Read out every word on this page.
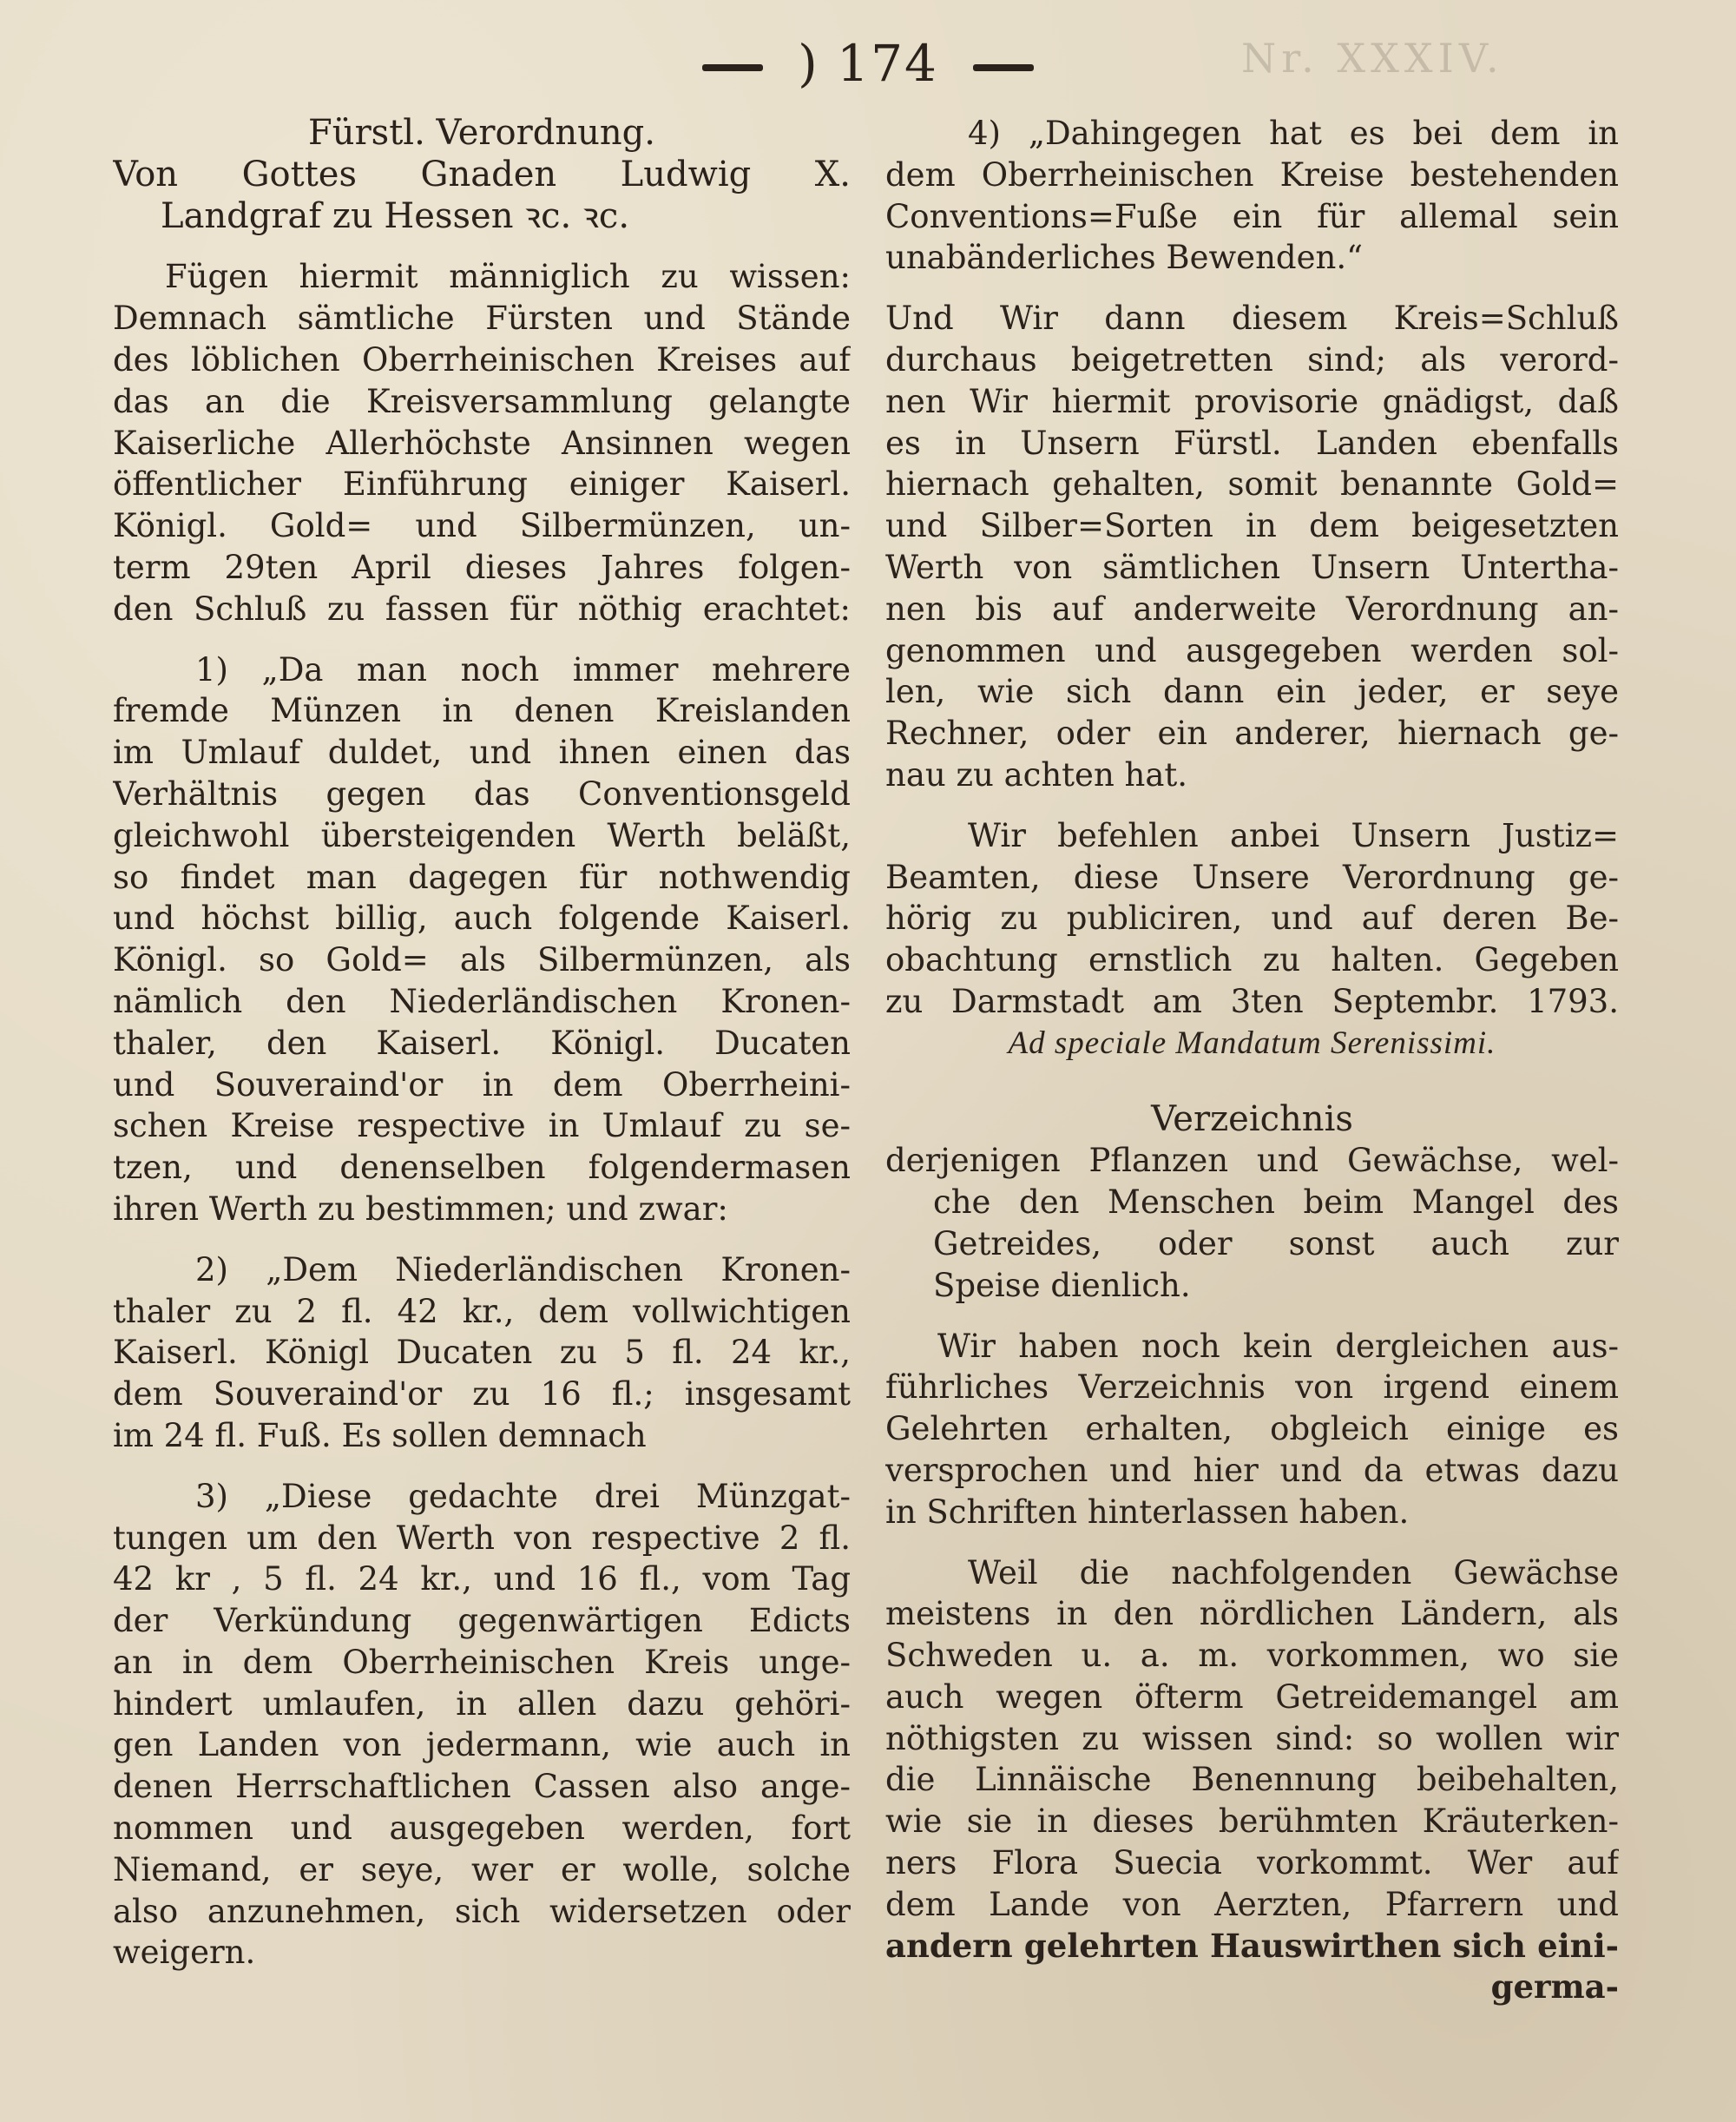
) 174	Nr. XXXIV.
Fürstl. Verordnung.
Von Gottes Gnaden Ludwig X.
Landgraf zu Hessen ꝛc. ꝛc.
Fügen hiermit männiglich zu wissen:
Demnach sämtliche Fürsten und Stände
des löblichen Oberrheinischen Kreises auf
das an die Kreisversammlung gelangte
Kaiserliche Allerhöchste Ansinnen wegen
öffentlicher Einführung einiger Kaiserl.
Königl. Gold= und Silbermünzen, un-
term 29ten April dieses Jahres folgen-
den Schluß zu fassen für nöthig erachtet:
1) „Da man noch immer mehrere
fremde Münzen in denen Kreislanden
im Umlauf duldet, und ihnen einen das
Verhältnis gegen das Conventionsgeld
gleichwohl übersteigenden Werth beläßt,
so findet man dagegen für nothwendig
und höchst billig, auch folgende Kaiserl.
Königl. so Gold= als Silbermünzen, als
nämlich den Niederländischen Kronen-
thaler, den Kaiserl. Königl. Ducaten
und Souveraind'or in dem Oberrheini-
schen Kreise respective in Umlauf zu se-
tzen, und denenselben folgendermasen
ihren Werth zu bestimmen; und zwar:
2) „Dem Niederländischen Kronen-
thaler zu 2 fl. 42 kr., dem vollwichtigen
Kaiserl. Königl Ducaten zu 5 fl. 24 kr.,
dem Souveraind'or zu 16 fl.; insgesamt
im 24 fl. Fuß. Es sollen demnach
3) „Diese gedachte drei Münzgat-
tungen um den Werth von respective 2 fl.
42 kr , 5 fl. 24 kr., und 16 fl., vom Tag
der Verkündung gegenwärtigen Edicts
an in dem Oberrheinischen Kreis unge-
hindert umlaufen, in allen dazu gehöri-
gen Landen von jedermann, wie auch in
denen Herrschaftlichen Cassen also ange-
nommen und ausgegeben werden, fort
Niemand, er seye, wer er wolle, solche
also anzunehmen, sich widersetzen oder
weigern.
4) „Dahingegen hat es bei dem in
dem Oberrheinischen Kreise bestehenden
Conventions=Fuße ein für allemal sein
unabänderliches Bewenden.“
Und Wir dann diesem Kreis=Schluß
durchaus beigetretten sind; als verord-
nen Wir hiermit provisorie gnädigst, daß
es in Unsern Fürstl. Landen ebenfalls
hiernach gehalten, somit benannte Gold=
und Silber=Sorten in dem beigesetzten
Werth von sämtlichen Unsern Untertha-
nen bis auf anderweite Verordnung an-
genommen und ausgegeben werden sol-
len, wie sich dann ein jeder, er seye
Rechner, oder ein anderer, hiernach ge-
nau zu achten hat.
Wir befehlen anbei Unsern Justiz=
Beamten, diese Unsere Verordnung ge-
hörig zu publiciren, und auf deren Be-
obachtung ernstlich zu halten. Gegeben
zu Darmstadt am 3ten Septembr. 1793.
Ad speciale Mandatum Serenissimi.
Verzeichnis
derjenigen Pflanzen und Gewächse, wel-
che den Menschen beim Mangel des
Getreides, oder sonst auch zur
Speise dienlich.
Wir haben noch kein dergleichen aus-
führliches Verzeichnis von irgend einem
Gelehrten erhalten, obgleich einige es
versprochen und hier und da etwas dazu
in Schriften hinterlassen haben.
Weil die nachfolgenden Gewächse
meistens in den nördlichen Ländern, als
Schweden u. a. m. vorkommen, wo sie
auch wegen öfterm Getreidemangel am
nöthigsten zu wissen sind: so wollen wir
die Linnäische Benennung beibehalten,
wie sie in dieses berühmten Kräuterken-
ners Flora Suecia vorkommt. Wer auf
dem Lande von Aerzten, Pfarrern und
andern gelehrten Hauswirthen sich eini-
germa-
